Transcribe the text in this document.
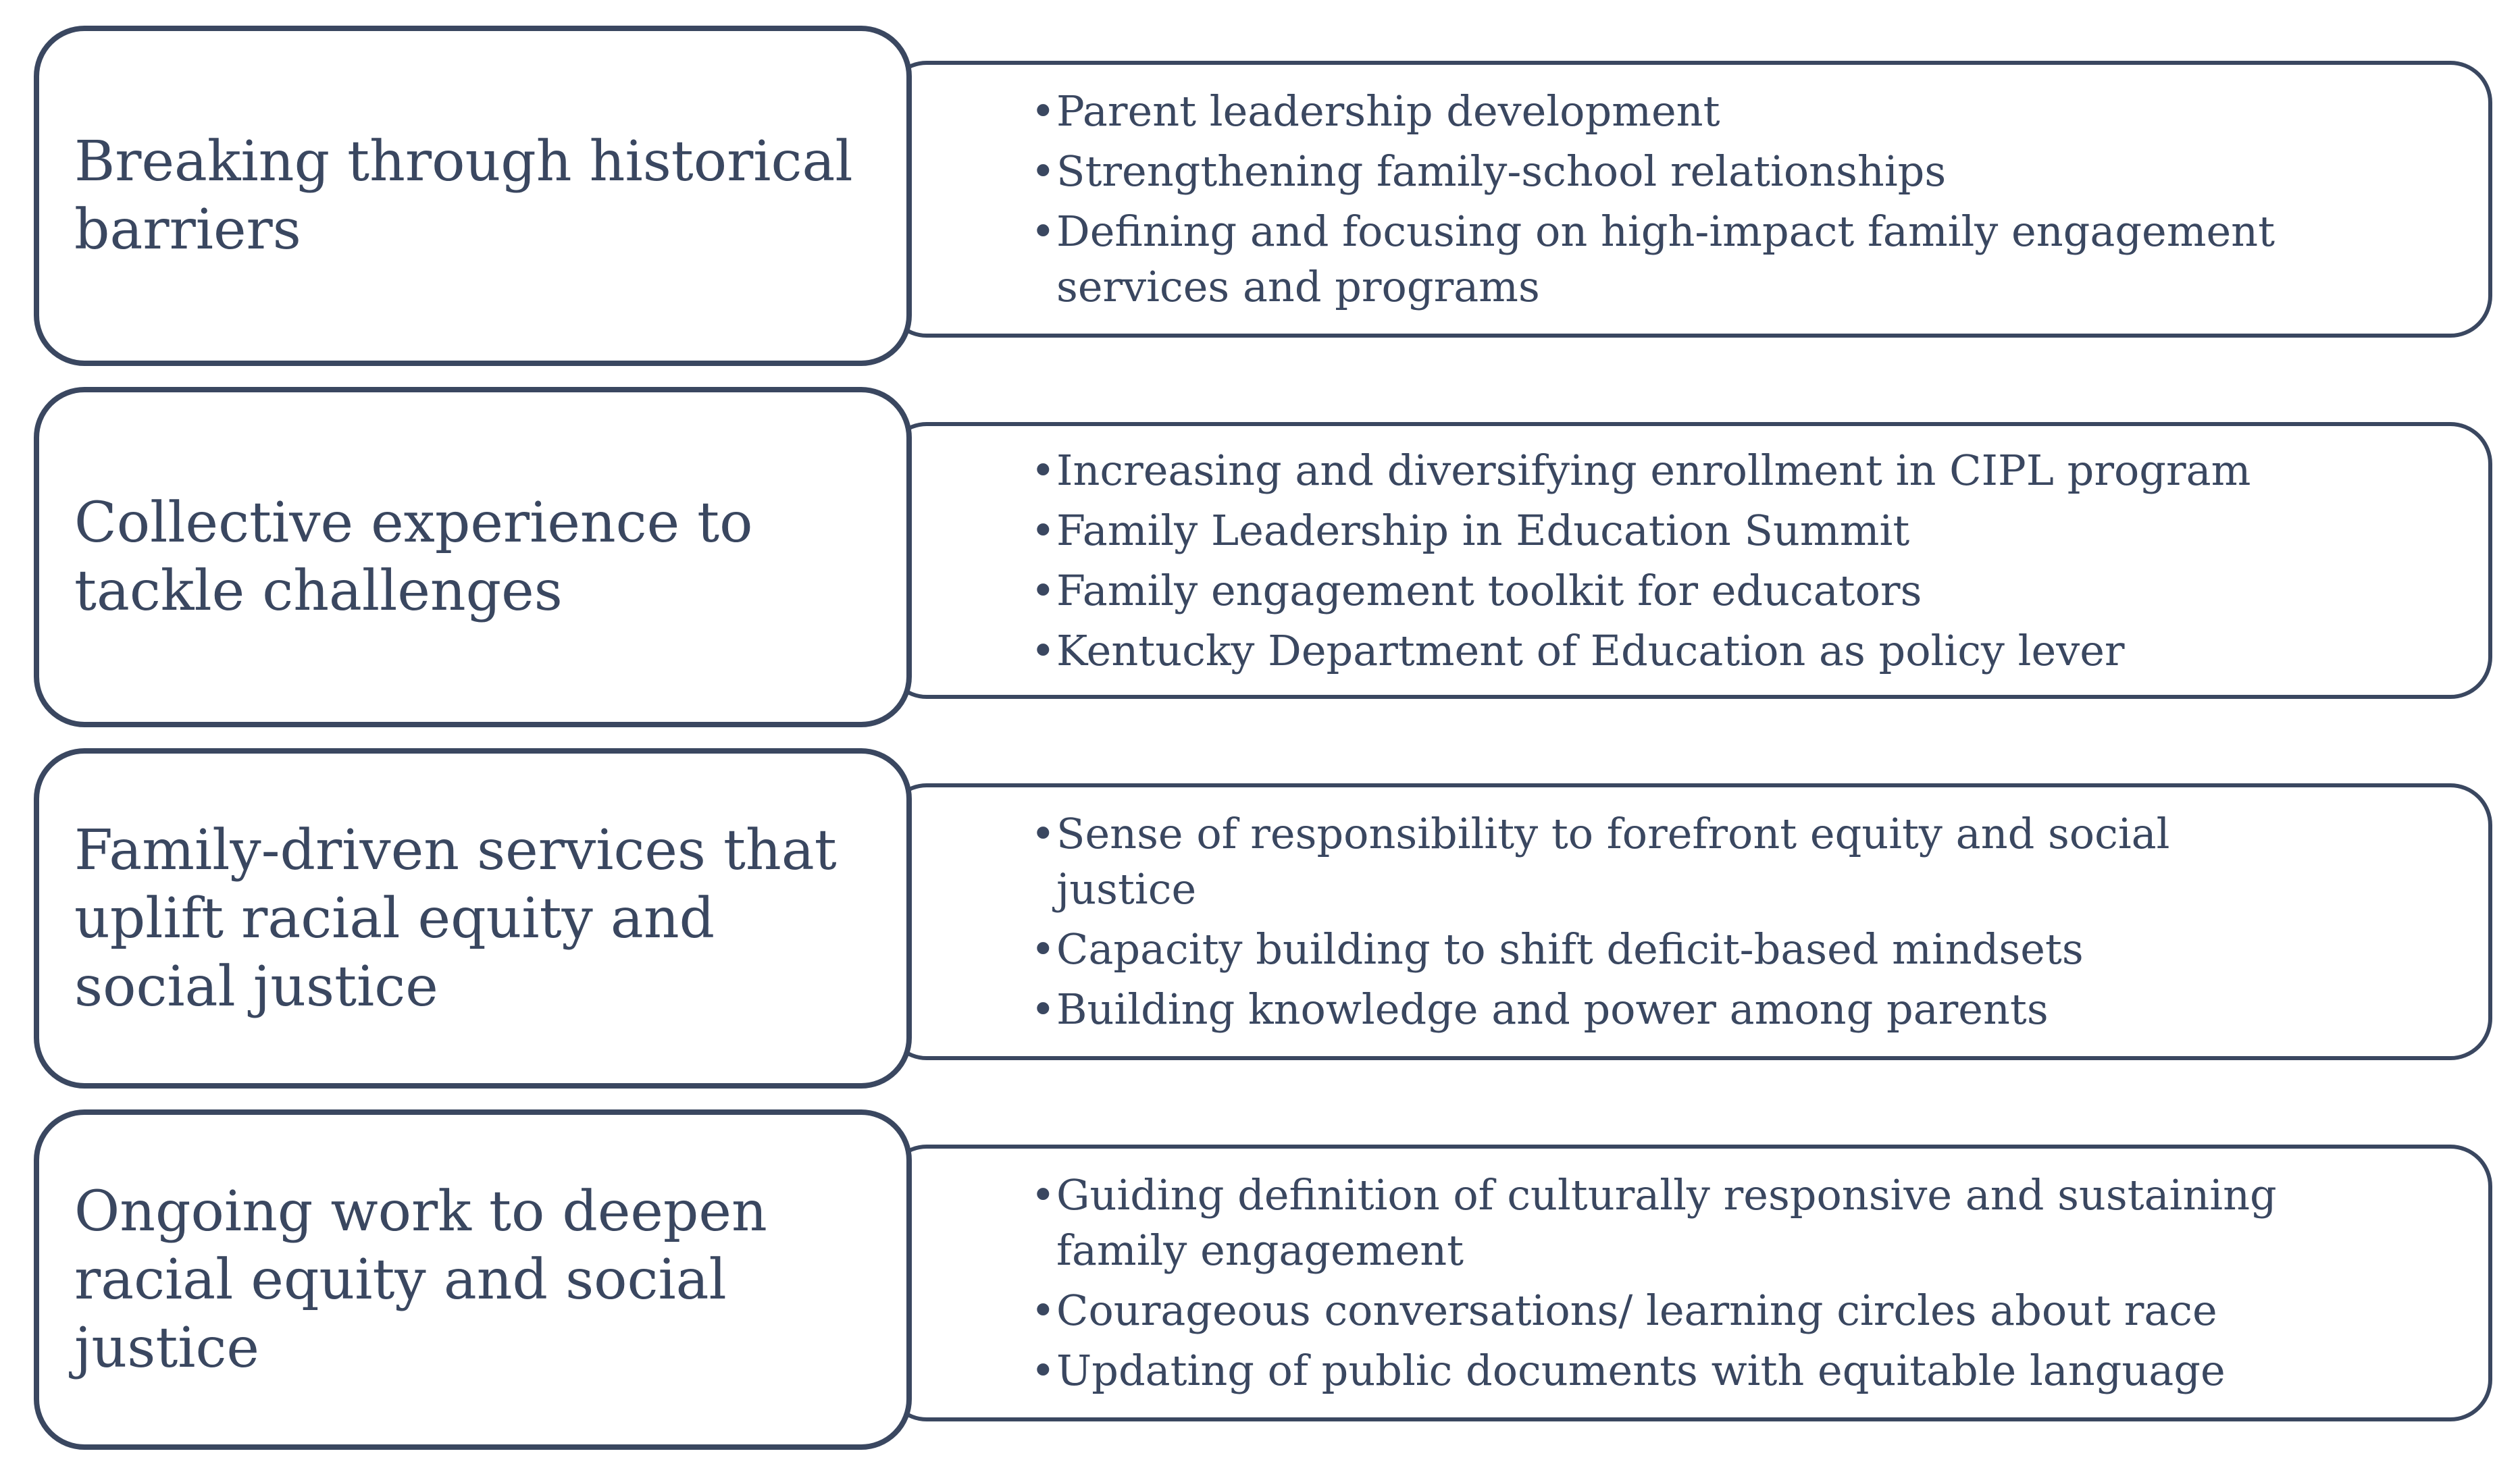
Breaking through historical barriers
• Parent leadership development
• Strengthening family-school relationships
• Defining and focusing on high-impact family engagement services and programs
Collective experience to tackle challenges
• Increasing and diversifying enrollment in CIPL program
• Family Leadership in Education Summit
• Family engagement toolkit for educators
• Kentucky Department of Education as policy lever
Family-driven services that uplift racial equity and social justice
• Sense of responsibility to forefront equity and social justice
• Capacity building to shift deficit-based mindsets
• Building knowledge and power among parents
Ongoing work to deepen racial equity and social justice
• Guiding definition of culturally responsive and sustaining family engagement
• Courageous conversations/ learning circles about race
• Updating of public documents with equitable language
